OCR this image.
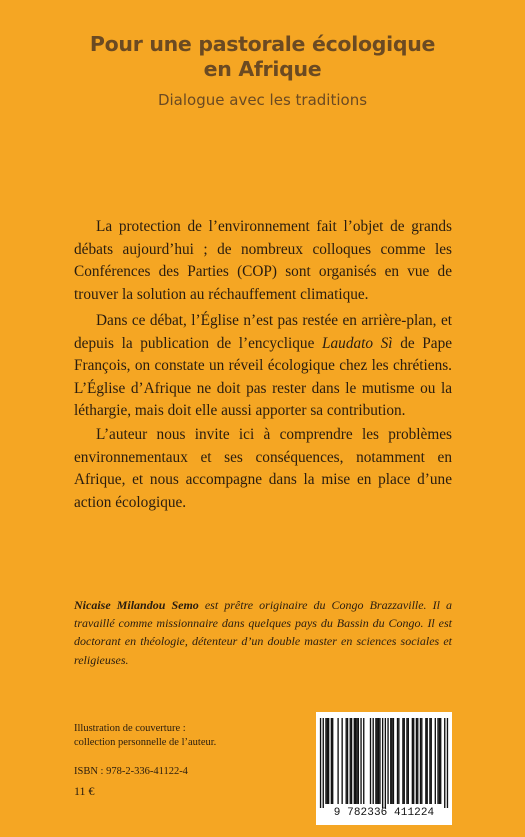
Pour une pastorale écologique
en Afrique
Dialogue avec les traditions

La protection de l’environnement fait l’objet de grands débats aujourd’hui ; de nombreux colloques comme les Conférences des Parties (COP) sont organisés en vue de trouver la solution au réchauffement climatique.

Dans ce débat, l’Église n’est pas restée en arrière-plan, et depuis la publication de l’encyclique Laudato Sì de Pape François, on constate un réveil écologique chez les chrétiens. L’Église d’Afrique ne doit pas rester dans le mutisme ou la léthargie, mais doit elle aussi apporter sa contribution.

L’auteur nous invite ici à comprendre les problèmes environnementaux et ses conséquences, notamment en Afrique, et nous accompagne dans la mise en place d’une action écologique.

Nicaise Milandou Semo est prêtre originaire du Congo Brazzaville. Il a travaillé comme missionnaire dans quelques pays du Bassin du Congo. Il est doctorant en théologie, détenteur d’un double master en sciences sociales et religieuses.
Illustration de couverture :
collection personnelle de l’auteur.
ISBN : 978-2-336-41122-4
11 €
9 782336 411224
